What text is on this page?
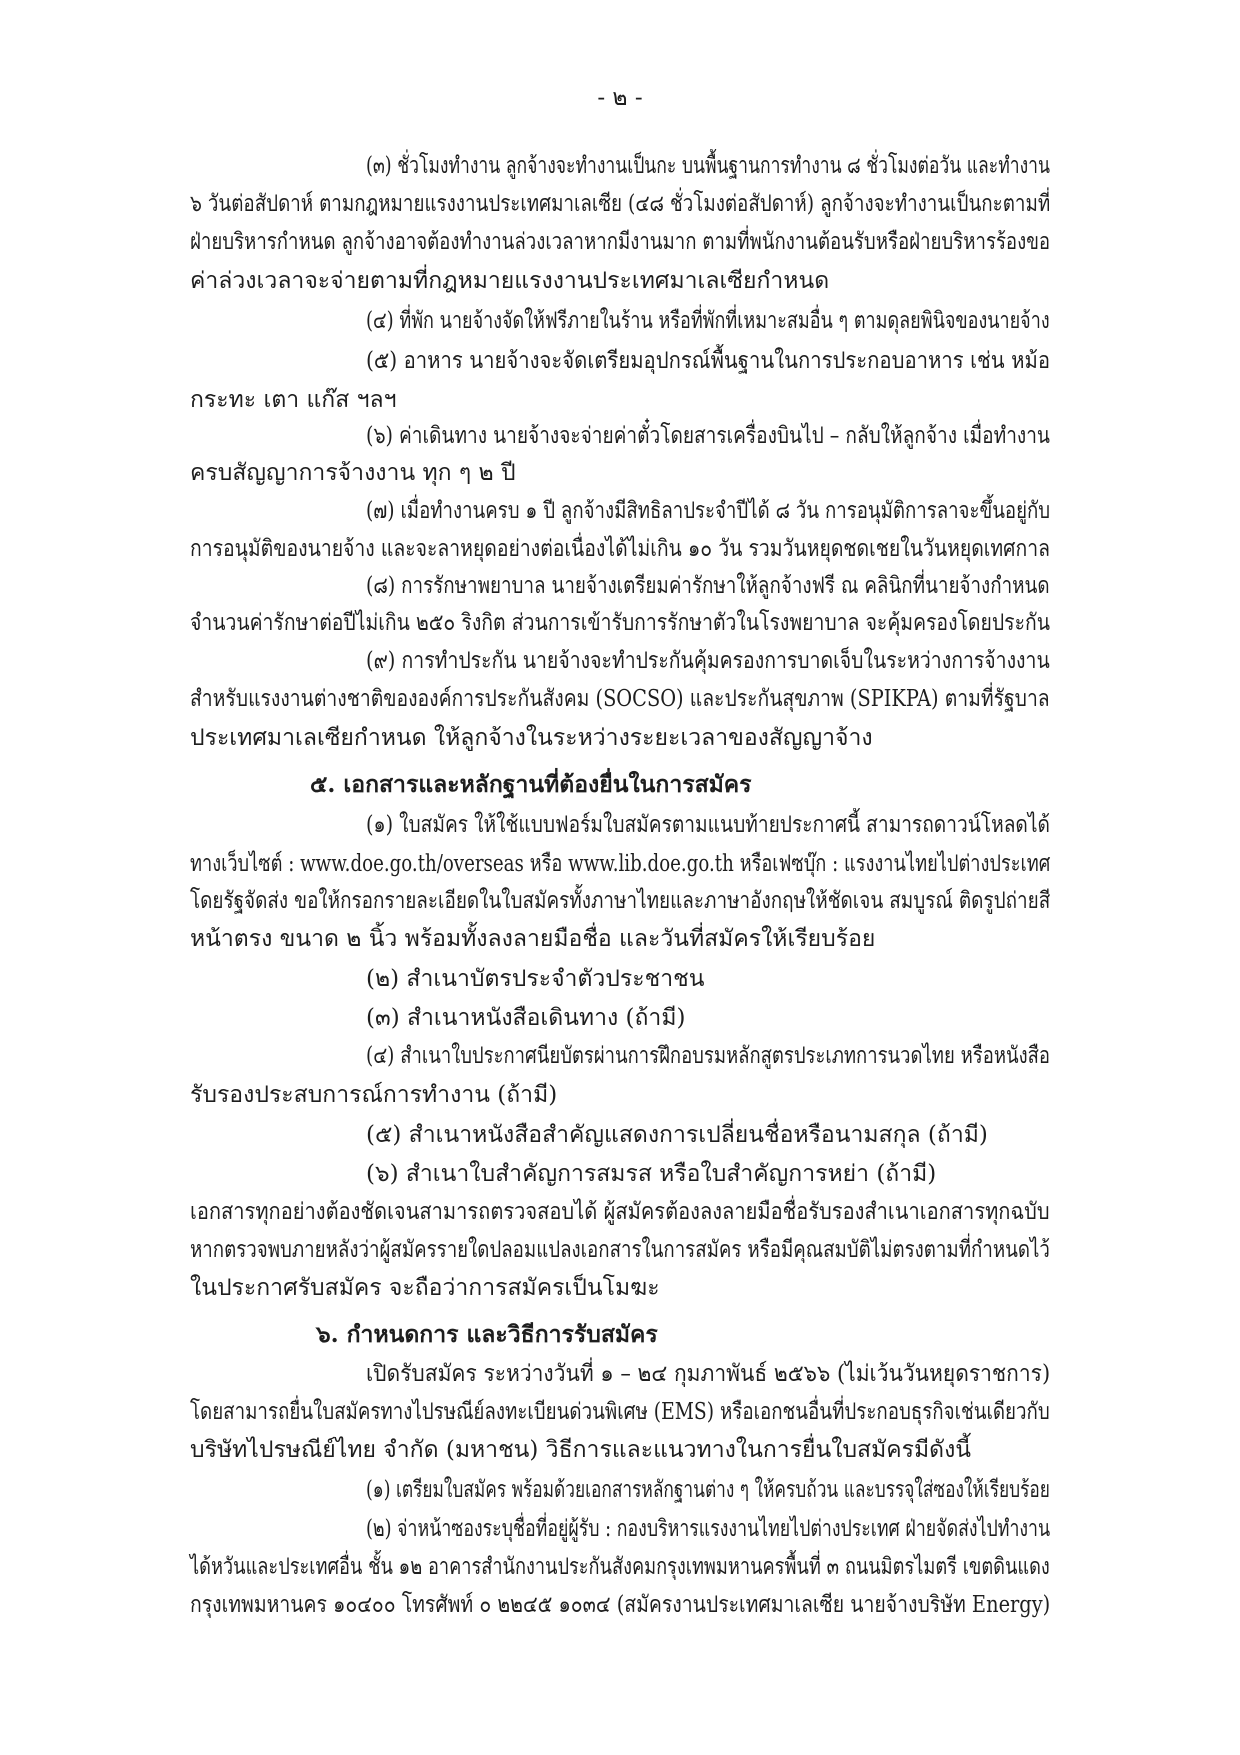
- ๒ -
(๓) ชั่วโมงทำงาน ลูกจ้างจะทำงานเป็นกะ บนพื้นฐานการทำงาน ๘ ชั่วโมงต่อวัน และทำงาน
๖ วันต่อสัปดาห์ ตามกฎหมายแรงงานประเทศมาเลเซีย (๔๘ ชั่วโมงต่อสัปดาห์) ลูกจ้างจะทำงานเป็นกะตามที่
ฝ่ายบริหารกำหนด ลูกจ้างอาจต้องทำงานล่วงเวลาหากมีงานมาก ตามที่พนักงานต้อนรับหรือฝ่ายบริหารร้องขอ
ค่าล่วงเวลาจะจ่ายตามที่กฎหมายแรงงานประเทศมาเลเซียกำหนด
(๔) ที่พัก นายจ้างจัดให้ฟรีภายในร้าน หรือที่พักที่เหมาะสมอื่น ๆ ตามดุลยพินิจของนายจ้าง
(๕) อาหาร นายจ้างจะจัดเตรียมอุปกรณ์พื้นฐานในการประกอบอาหาร เช่น หม้อ
กระทะ เตา แก๊ส ฯลฯ
(๖) ค่าเดินทาง นายจ้างจะจ่ายค่าตั๋วโดยสารเครื่องบินไป – กลับให้ลูกจ้าง เมื่อทำงาน
ครบสัญญาการจ้างงาน ทุก ๆ ๒ ปี
(๗) เมื่อทำงานครบ ๑ ปี ลูกจ้างมีสิทธิลาประจำปีได้ ๘ วัน การอนุมัติการลาจะขึ้นอยู่กับ
การอนุมัติของนายจ้าง และจะลาหยุดอย่างต่อเนื่องได้ไม่เกิน ๑๐ วัน รวมวันหยุดชดเชยในวันหยุดเทศกาล
(๘) การรักษาพยาบาล นายจ้างเตรียมค่ารักษาให้ลูกจ้างฟรี ณ คลินิกที่นายจ้างกำหนด
จำนวนค่ารักษาต่อปีไม่เกิน ๒๕๐ ริงกิต ส่วนการเข้ารับการรักษาตัวในโรงพยาบาล จะคุ้มครองโดยประกัน
(๙) การทำประกัน นายจ้างจะทำประกันคุ้มครองการบาดเจ็บในระหว่างการจ้างงาน
สำหรับแรงงานต่างชาติขององค์การประกันสังคม (SOCSO) และประกันสุขภาพ (SPIKPA) ตามที่รัฐบาล
ประเทศมาเลเซียกำหนด ให้ลูกจ้างในระหว่างระยะเวลาของสัญญาจ้าง
๕. เอกสารและหลักฐานที่ต้องยื่นในการสมัคร
(๑) ใบสมัคร ให้ใช้แบบฟอร์มใบสมัครตามแนบท้ายประกาศนี้ สามารถดาวน์โหลดได้
ทางเว็บไซต์ : www.doe.go.th/overseas หรือ www.lib.doe.go.th หรือเฟซบุ๊ก : แรงงานไทยไปต่างประเทศ
โดยรัฐจัดส่ง ขอให้กรอกรายละเอียดในใบสมัครทั้งภาษาไทยและภาษาอังกฤษให้ชัดเจน สมบูรณ์ ติดรูปถ่ายสี
หน้าตรง ขนาด ๒ นิ้ว พร้อมทั้งลงลายมือชื่อ และวันที่สมัครให้เรียบร้อย
(๒) สำเนาบัตรประจำตัวประชาชน
(๓) สำเนาหนังสือเดินทาง (ถ้ามี)
(๔) สำเนาใบประกาศนียบัตรผ่านการฝึกอบรมหลักสูตรประเภทการนวดไทย หรือหนังสือ
รับรองประสบการณ์การทำงาน (ถ้ามี)
(๕) สำเนาหนังสือสำคัญแสดงการเปลี่ยนชื่อหรือนามสกุล (ถ้ามี)
(๖) สำเนาใบสำคัญการสมรส หรือใบสำคัญการหย่า (ถ้ามี)
เอกสารทุกอย่างต้องชัดเจนสามารถตรวจสอบได้ ผู้สมัครต้องลงลายมือชื่อรับรองสำเนาเอกสารทุกฉบับ
หากตรวจพบภายหลังว่าผู้สมัครรายใดปลอมแปลงเอกสารในการสมัคร หรือมีคุณสมบัติไม่ตรงตามที่กำหนดไว้
ในประกาศรับสมัคร จะถือว่าการสมัครเป็นโมฆะ
๖. กำหนดการ และวิธีการรับสมัคร
เปิดรับสมัคร ระหว่างวันที่ ๑ – ๒๔ กุมภาพันธ์ ๒๕๖๖ (ไม่เว้นวันหยุดราชการ)
โดยสามารถยื่นใบสมัครทางไปรษณีย์ลงทะเบียนด่วนพิเศษ (EMS) หรือเอกชนอื่นที่ประกอบธุรกิจเช่นเดียวกับ
บริษัทไปรษณีย์ไทย จำกัด (มหาชน) วิธีการและแนวทางในการยื่นใบสมัครมีดังนี้
(๑) เตรียมใบสมัคร พร้อมด้วยเอกสารหลักฐานต่าง ๆ ให้ครบถ้วน และบรรจุใส่ซองให้เรียบร้อย
(๒) จ่าหน้าซองระบุชื่อที่อยู่ผู้รับ : กองบริหารแรงงานไทยไปต่างประเทศ ฝ่ายจัดส่งไปทำงาน
ได้หวันและประเทศอื่น ชั้น ๑๒ อาคารสำนักงานประกันสังคมกรุงเทพมหานครพื้นที่ ๓ ถนนมิตรไมตรี เขตดินแดง
กรุงเทพมหานคร ๑๐๔๐๐ โทรศัพท์ ๐ ๒๒๔๕ ๑๐๓๔ (สมัครงานประเทศมาเลเซีย นายจ้างบริษัท Energy)
